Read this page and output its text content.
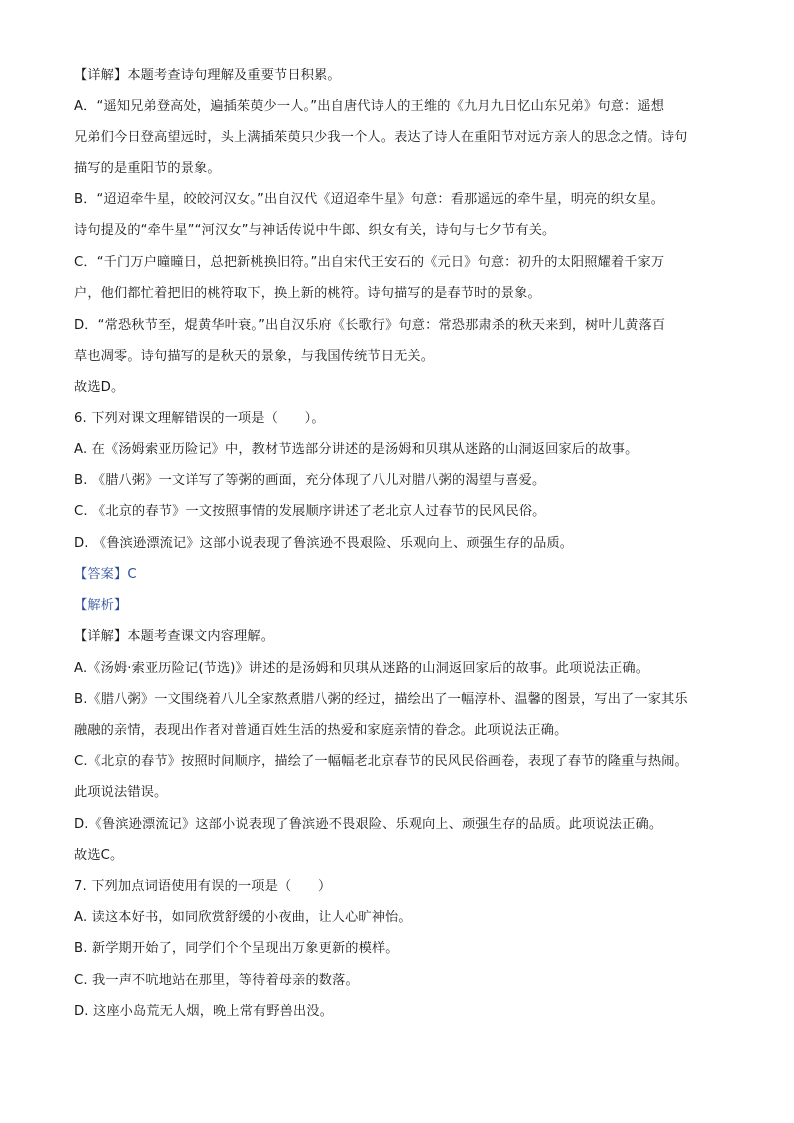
【详解】本题考查诗句理解及重要节日积累。
A．“遥知兄弟登高处，遍插茱萸少一人。”出自唐代诗人的王维的《九月九日忆山东兄弟》句意：遥想
兄弟们今日登高望远时，头上满插茱萸只少我一个人。表达了诗人在重阳节对远方亲人的思念之情。诗句
描写的是重阳节的景象。
B．“迢迢牵牛星，皎皎河汉女。”出自汉代《迢迢牵牛星》句意：看那遥远的牵牛星，明亮的织女星。
诗句提及的“牵牛星”“河汉女”与神话传说中牛郎、织女有关，诗句与七夕节有关。
C．“千门万户曈曈日，总把新桃换旧符。”出自宋代王安石的《元日》句意：初升的太阳照耀着千家万
户，他们都忙着把旧的桃符取下，换上新的桃符。诗句描写的是春节时的景象。
D．“常恐秋节至，焜黄华叶衰。”出自汉乐府《长歌行》句意：常恐那肃杀的秋天来到，树叶儿黄落百
草也凋零。诗句描写的是秋天的景象，与我国传统节日无关。
故选D。
6. 下列对课文理解错误的一项是（　　）。
A. 在《汤姆索亚历险记》中，教材节选部分讲述的是汤姆和贝琪从迷路的山洞返回家后的故事。
B. 《腊八粥》一文详写了等粥的画面，充分体现了八儿对腊八粥的渴望与喜爱。
C. 《北京的春节》一文按照事情的发展顺序讲述了老北京人过春节的民风民俗。
D. 《鲁滨逊漂流记》这部小说表现了鲁滨逊不畏艰险、乐观向上、顽强生存的品质。
【答案】C
【解析】
【详解】本题考查课文内容理解。
A.《汤姆·索亚历险记(节选)》讲述的是汤姆和贝琪从迷路的山洞返回家后的故事。此项说法正确。
B.《腊八粥》一文围绕着八儿全家熬煮腊八粥的经过，描绘出了一幅淳朴、温馨的图景，写出了一家其乐
融融的亲情，表现出作者对普通百姓生活的热爱和家庭亲情的眷念。此项说法正确。
C.《北京的春节》按照时间顺序，描绘了一幅幅老北京春节的民风民俗画卷，表现了春节的隆重与热闹。
此项说法错误。
D.《鲁滨逊漂流记》这部小说表现了鲁滨逊不畏艰险、乐观向上、顽强生存的品质。此项说法正确。
故选C。
7. 下列加点词语使用有误的一项是（　　）
A. 读这本好书，如同欣赏舒缓的小夜曲，让人心旷神怡。
B. 新学期开始了，同学们个个呈现出万象更新的模样。
C. 我一声不吭地站在那里，等待着母亲的数落。
D. 这座小岛荒无人烟，晚上常有野兽出没。
